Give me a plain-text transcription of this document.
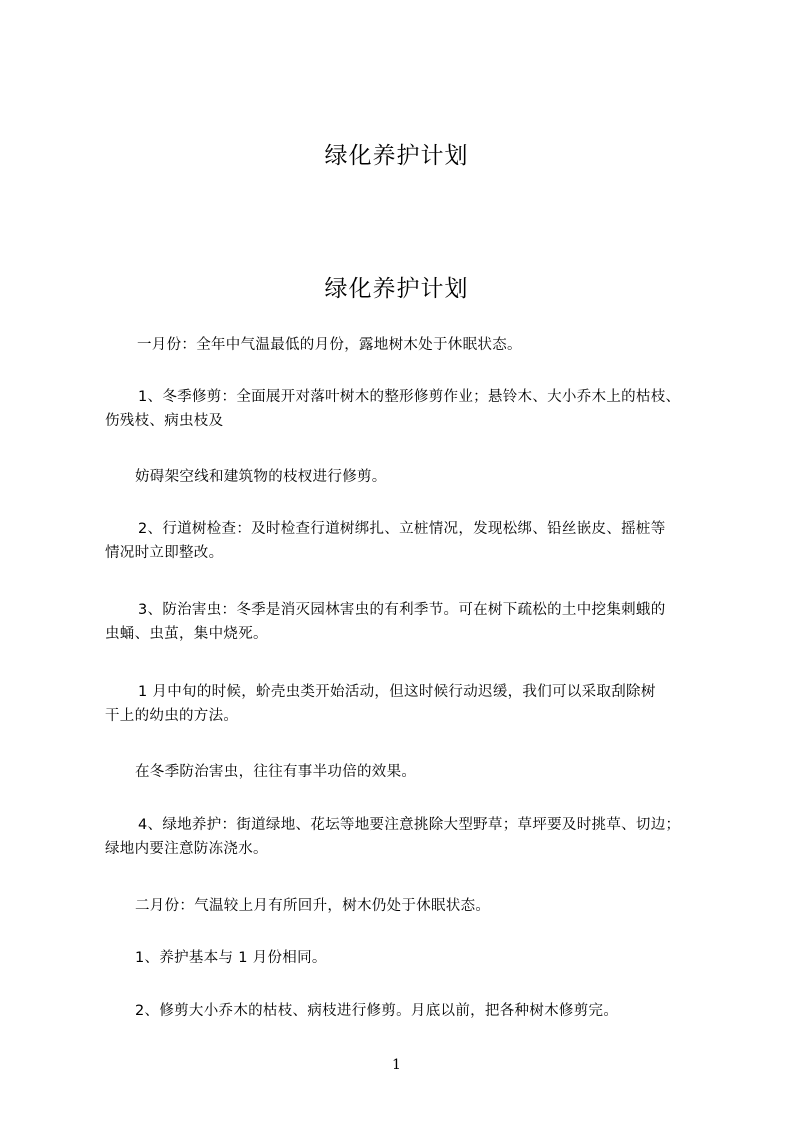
绿化养护计划
绿化养护计划
一月份：全年中气温最低的月份，露地树木处于休眠状态。
1、冬季修剪：全面展开对落叶树木的整形修剪作业；悬铃木、大小乔木上的枯枝、
伤残枝、病虫枝及
妨碍架空线和建筑物的枝杈进行修剪。
2、行道树检查：及时检查行道树绑扎、立桩情况，发现松绑、铅丝嵌皮、摇桩等
情况时立即整改。
3、防治害虫：冬季是消灭园林害虫的有利季节。可在树下疏松的土中挖集刺蛾的
虫蛹、虫茧，集中烧死。
1 月中旬的时候，蚧壳虫类开始活动，但这时候行动迟缓，我们可以采取刮除树
干上的幼虫的方法。
在冬季防治害虫，往往有事半功倍的效果。
4、绿地养护：街道绿地、花坛等地要注意挑除大型野草；草坪要及时挑草、切边；
绿地内要注意防冻浇水。
二月份：气温较上月有所回升，树木仍处于休眠状态。
1、养护基本与 1 月份相同。
2、修剪大小乔木的枯枝、病枝进行修剪。月底以前，把各种树木修剪完。
1
